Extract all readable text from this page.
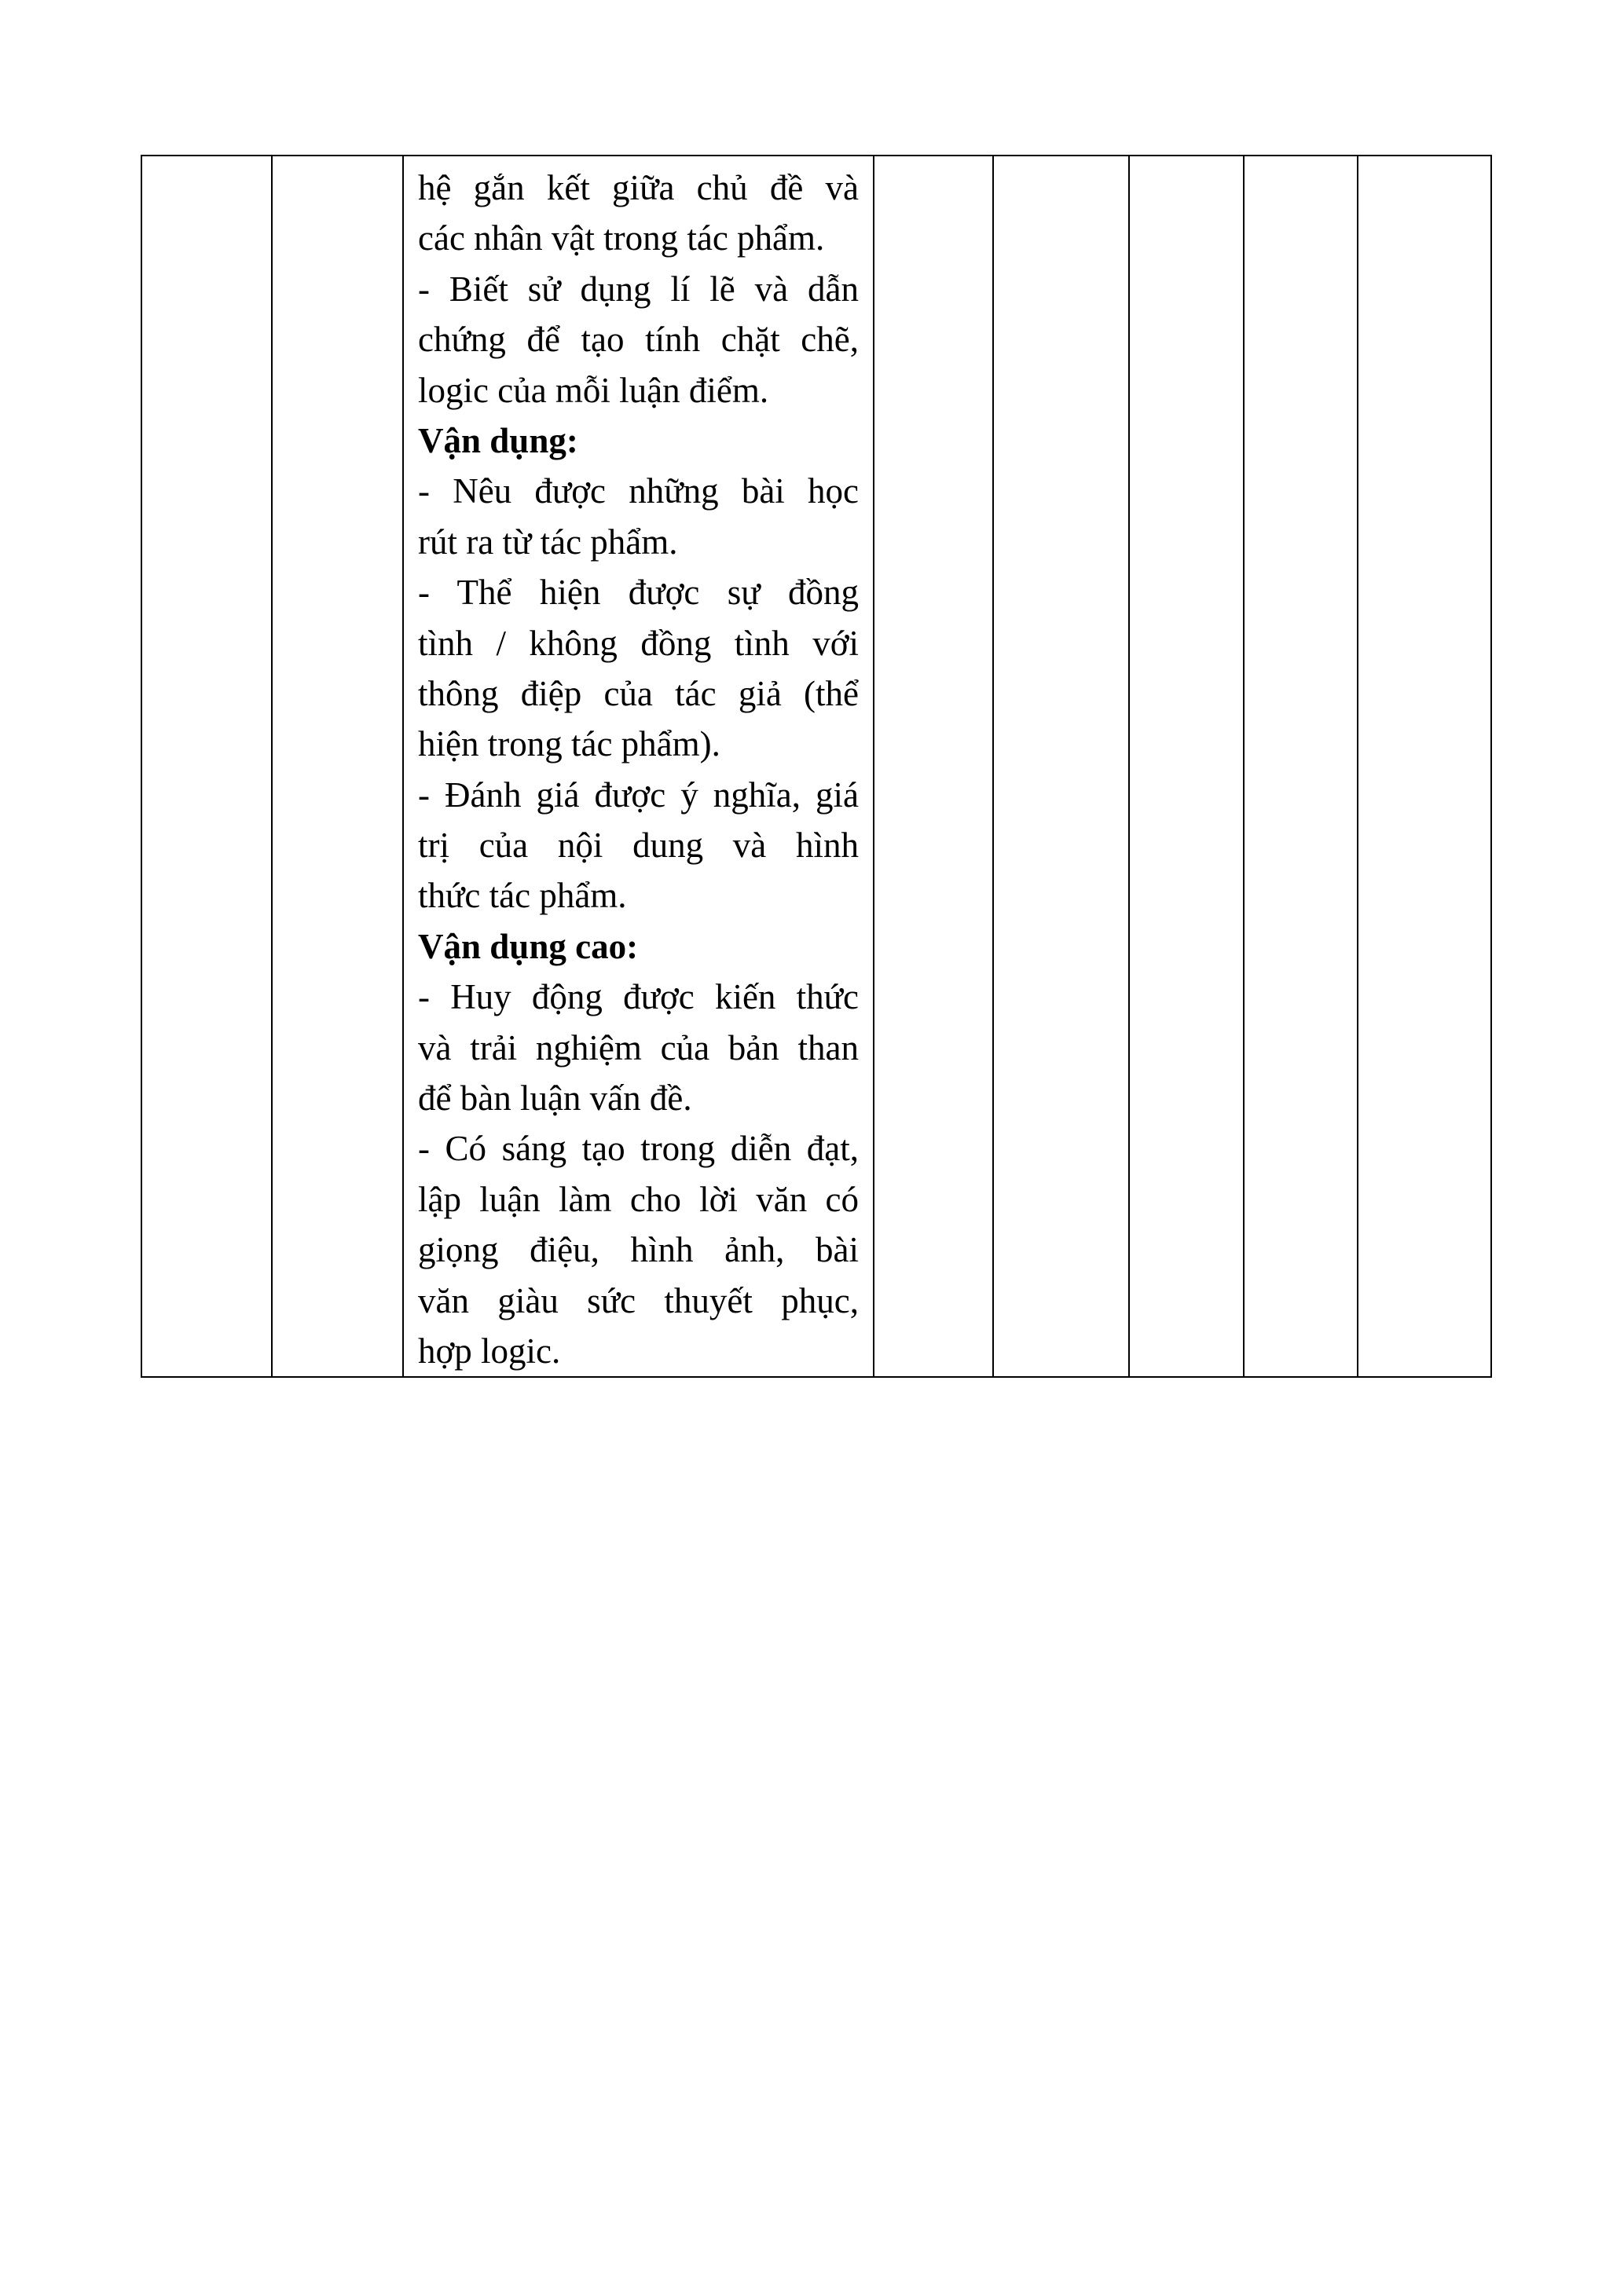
hệ gắn kết giữa chủ đề và
các nhân vật trong tác phẩm.
- Biết sử dụng lí lẽ và dẫn
chứng để tạo tính chặt chẽ,
logic của mỗi luận điểm.
Vận dụng:
- Nêu được những bài học
rút ra từ tác phẩm.
- Thể hiện được sự đồng
tình / không đồng tình với
thông điệp của tác giả (thể
hiện trong tác phẩm).
- Đánh giá được ý nghĩa, giá
trị của nội dung và hình
thức tác phẩm.
Vận dụng cao:
- Huy động được kiến thức
và trải nghiệm của bản than
để bàn luận vấn đề.
- Có sáng tạo trong diễn đạt,
lập luận làm cho lời văn có
giọng điệu, hình ảnh, bài
văn giàu sức thuyết phục,
hợp logic.
